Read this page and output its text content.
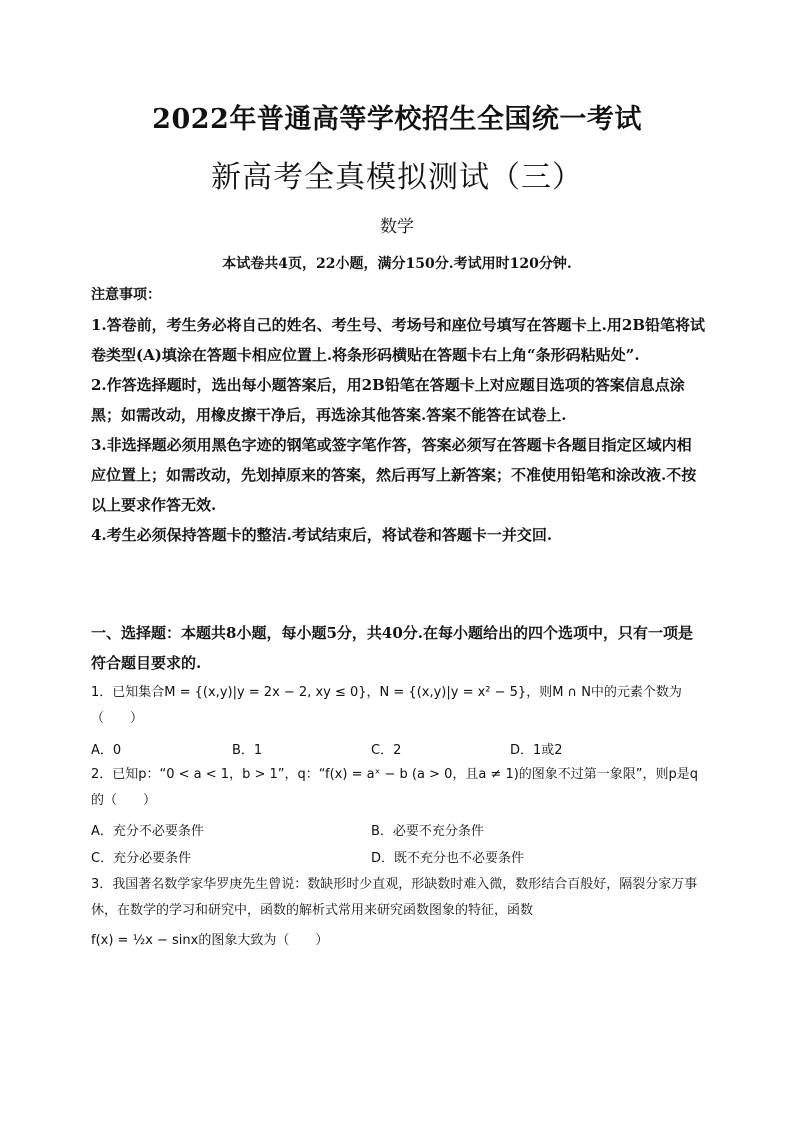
2022年普通高等学校招生全国统一考试
新高考全真模拟测试（三）
数学
本试卷共4页，22小题，满分150分.考试用时120分钟.
注意事项：

1.答卷前，考生务必将自己的姓名、考生号、考场号和座位号填写在答题卡上.用2B铅笔将试卷类型(A)填涂在答题卡相应位置上.将条形码横贴在答题卡右上角“条形码粘贴处”.

2.作答选择题时，选出每小题答案后，用2B铅笔在答题卡上对应题目选项的答案信息点涂黑；如需改动，用橡皮擦干净后，再选涂其他答案.答案不能答在试卷上.

3.非选择题必须用黑色字迹的钢笔或签字笔作答，答案必须写在答题卡各题目指定区域内相应位置上；如需改动，先划掉原来的答案，然后再写上新答案；不准使用铅笔和涂改液.不按以上要求作答无效.

4.考生必须保持答题卡的整洁.考试结束后，将试卷和答题卡一并交回.

一、选择题：本题共8小题，每小题5分，共40分.在每小题给出的四个选项中，只有一项是符合题目要求的.
1．已知集合M = {(x,y)|y = 2x − 2, xy ≤ 0}，N = {(x,y)|y = x² − 5}，则M ∩ N中的元素个数为（　　）
A．0	B．1	C．2	D．1或2
2．已知p：“0 < a < 1，b > 1”，q：“f(x) = aˣ − b (a > 0，且a ≠ 1)的图象不过第一象限”，则p是q的（　　）
A．充分不必要条件	B．必要不充分条件
C．充分必要条件	D．既不充分也不必要条件
3．我国著名数学家华罗庚先生曾说：数缺形时少直观，形缺数时难入微，数形结合百般好，隔裂分家万事休，在数学的学习和研究中，函数的解析式常用来研究函数图象的特征，函数
f(x) = ½x − sinx的图象大致为（　　）
